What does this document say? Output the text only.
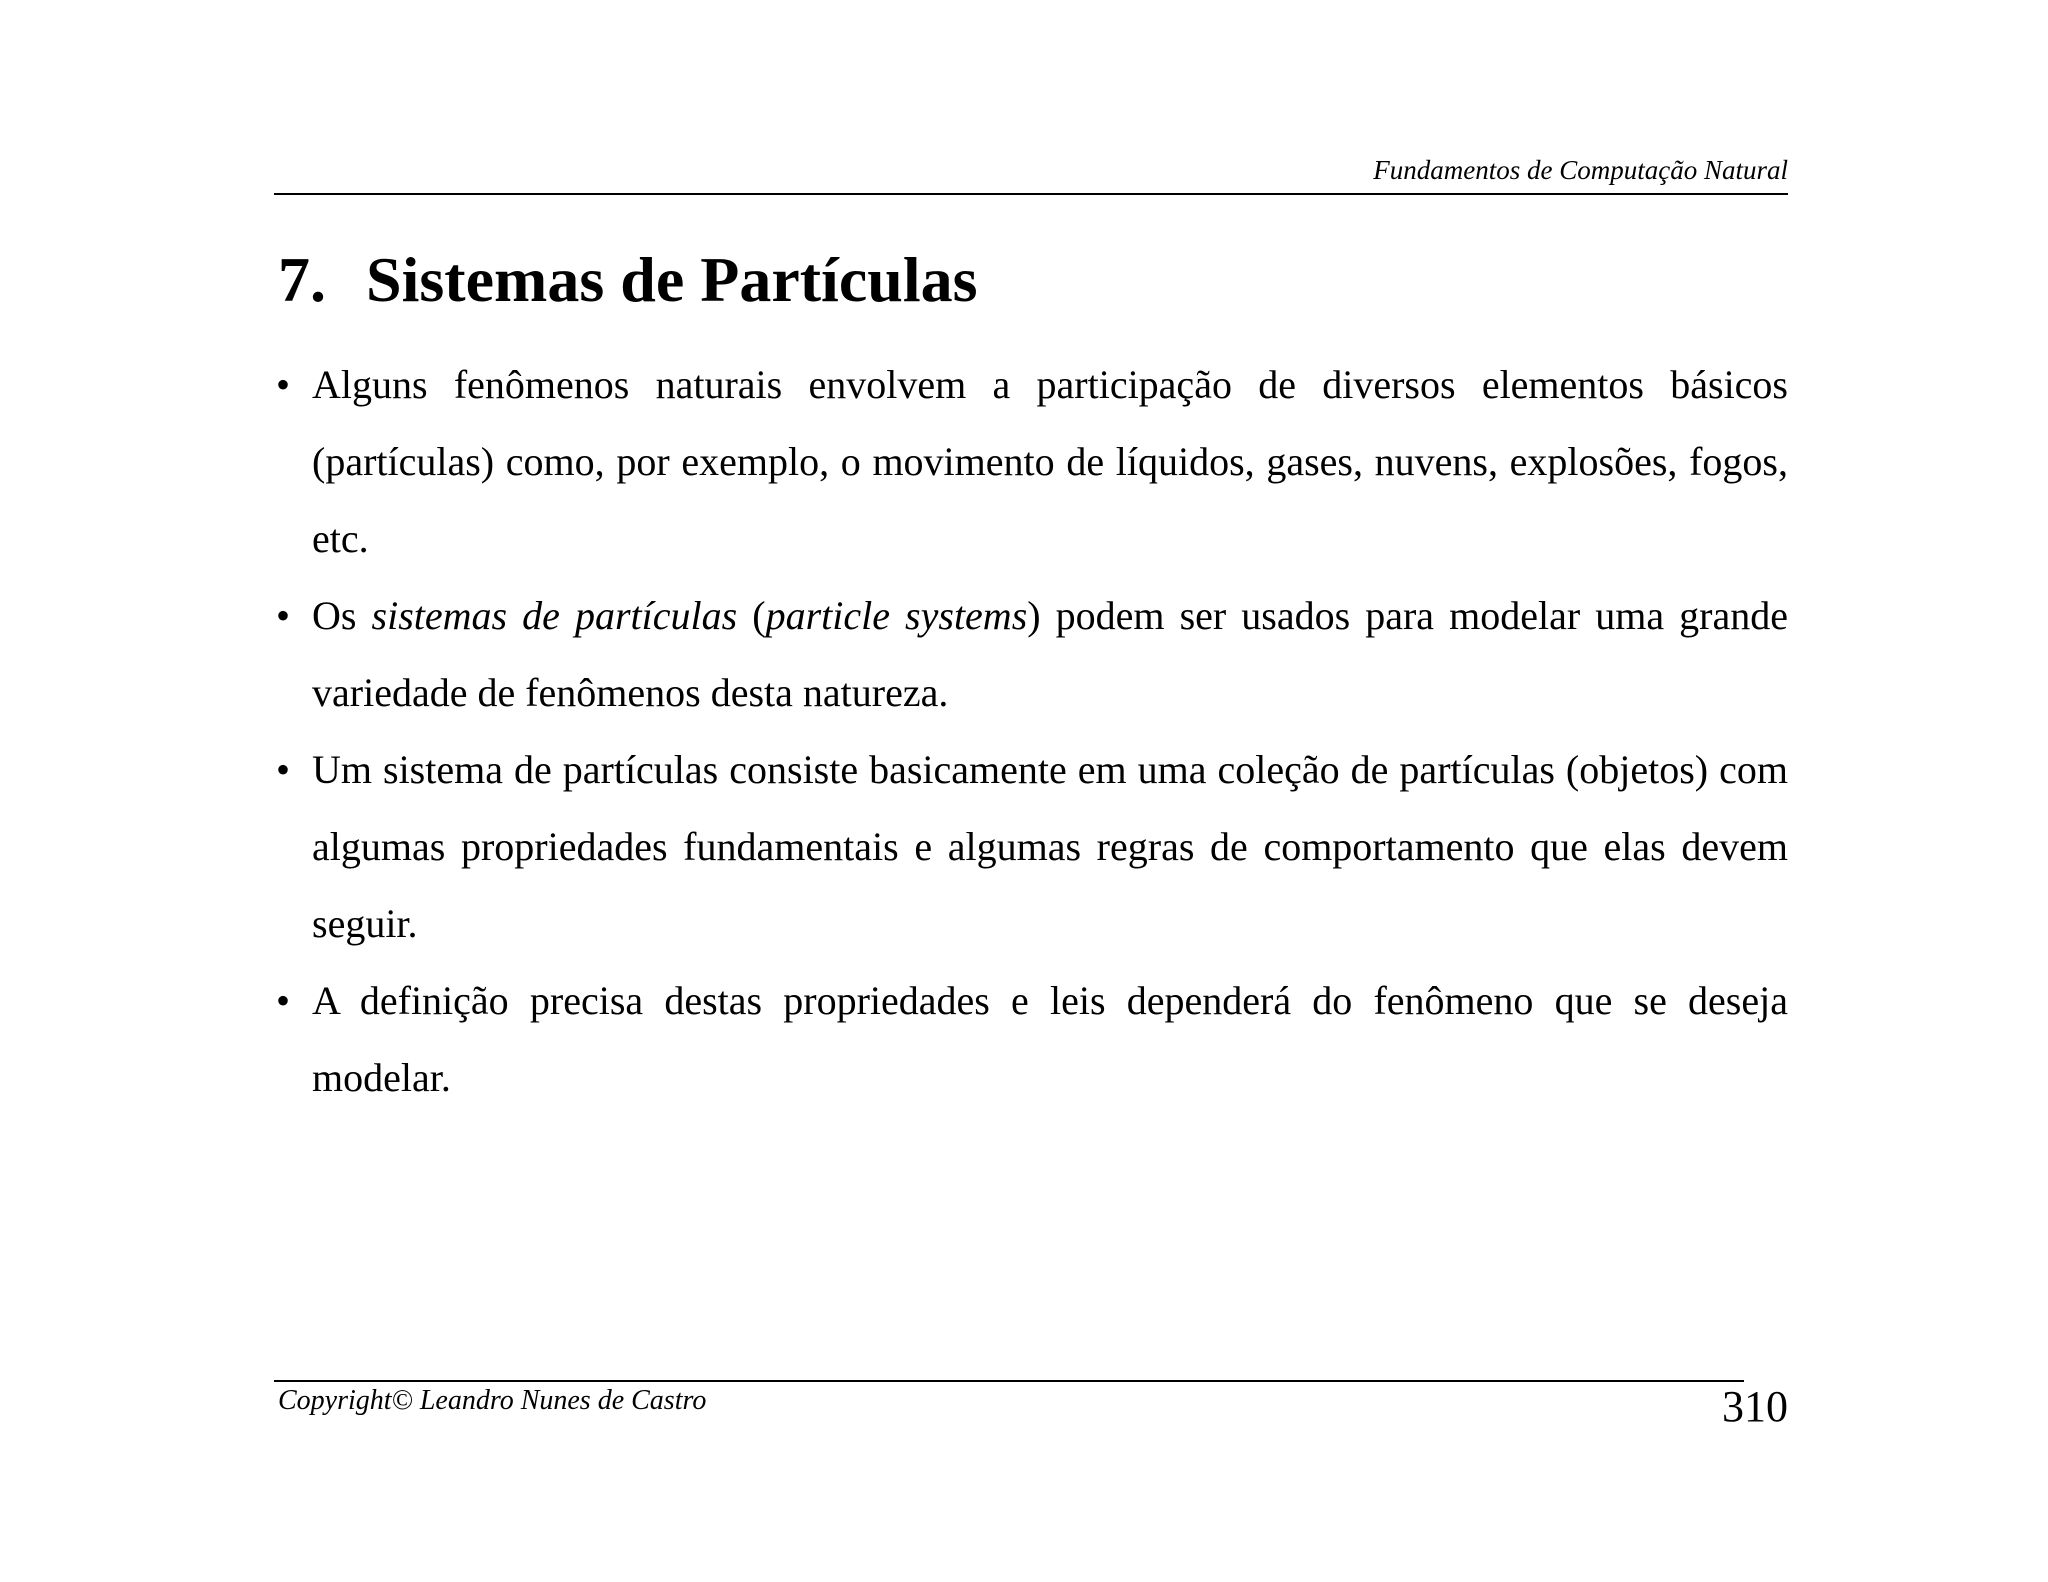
Fundamentos de Computação Natural
7. Sistemas de Partículas
• Alguns fenômenos naturais envolvem a participação de diversos elementos básicos (partículas) como, por exemplo, o movimento de líquidos, gases, nuvens, explosões, fogos, etc.
• Os sistemas de partículas (particle systems) podem ser usados para modelar uma grande variedade de fenômenos desta natureza.
• Um sistema de partículas consiste basicamente em uma coleção de partículas (objetos) com algumas propriedades fundamentais e algumas regras de comportamento que elas devem seguir.
• A definição precisa destas propriedades e leis dependerá do fenômeno que se deseja modelar.
Copyright© Leandro Nunes de Castro	310
